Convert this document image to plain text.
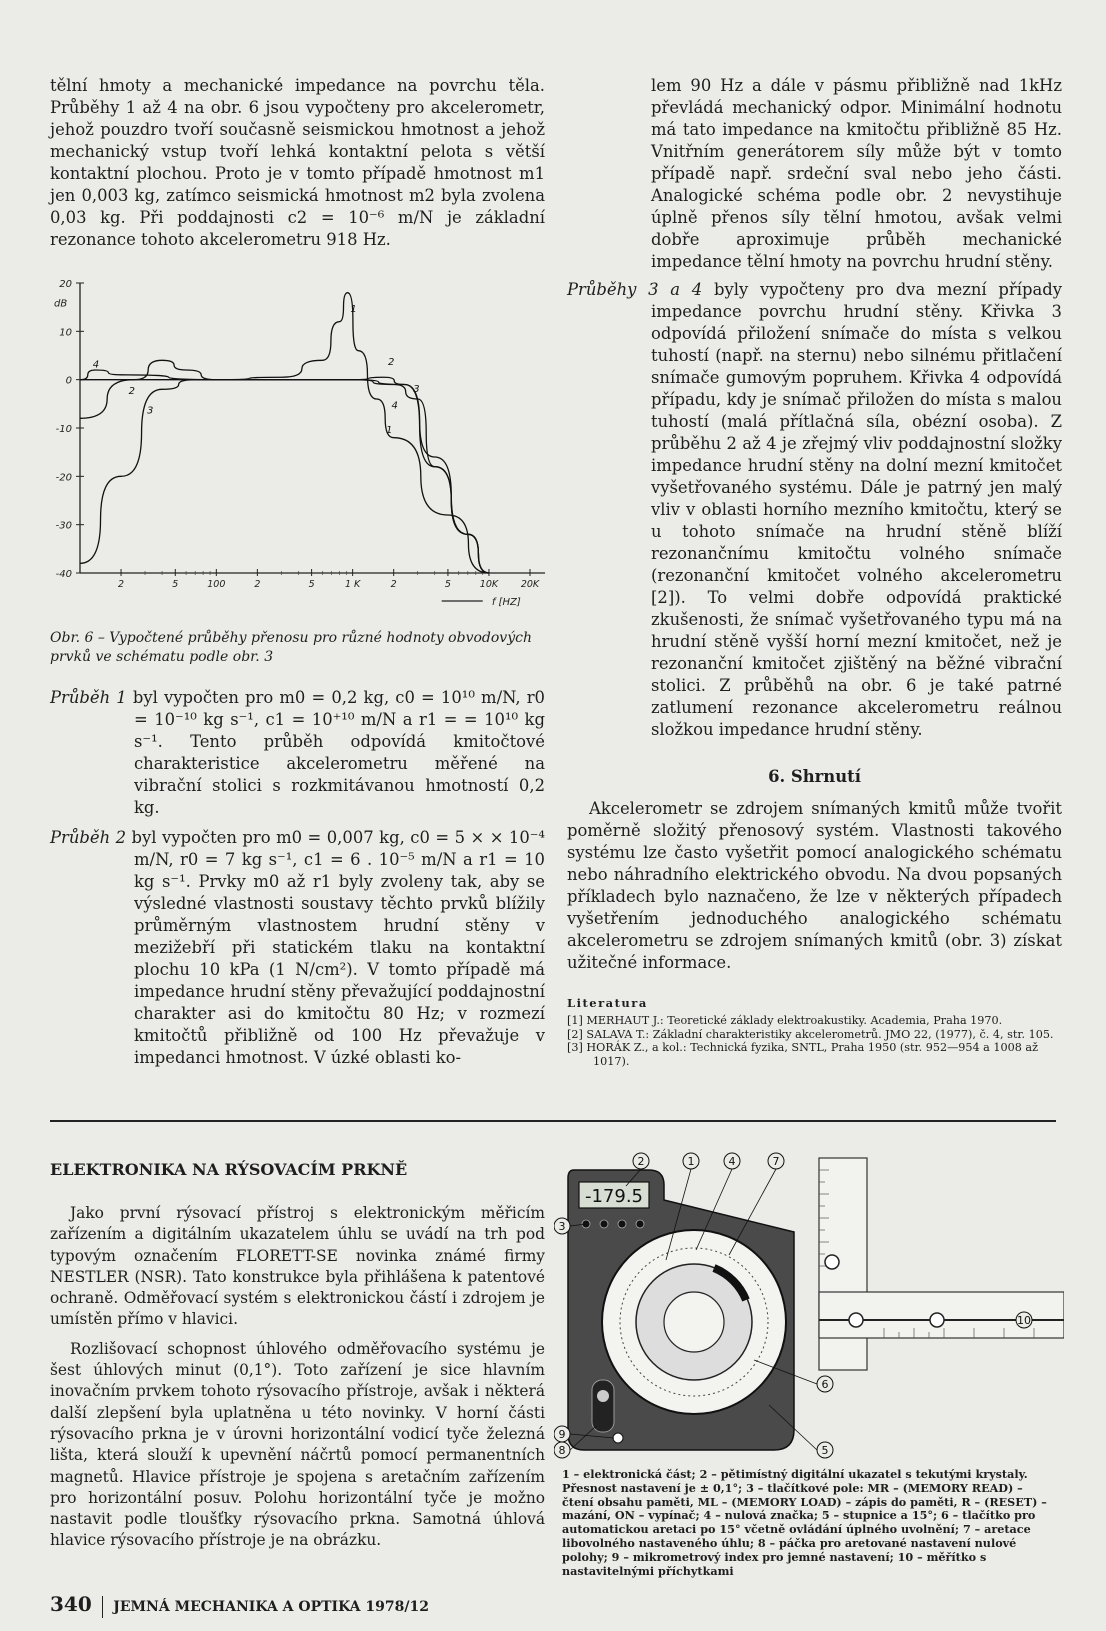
tělní hmoty a mechanické impedance na povrchu těla. Průběhy 1 až 4 na obr. 6 jsou vypočteny pro akcelerometr, jehož pouzdro tvoří současně seismickou hmotnost a jehož mechanický vstup tvoří lehká kontaktní pelota s větší kontaktní plochou. Proto je v tomto případě hmotnost m1 jen 0,003 kg, zatímco seismická hmotnost m2 byla zvolena 0,03 kg. Při poddajnosti c2 = 10⁻⁶ m/N je základní rezonance tohoto akcelerometru 918 Hz.

20
10
0
-10
-20
-30
-40
dB
2	5	100	2	5	1 K	2	5	10K 20K
f [HZ]
1
1
2
2	3
3	4
4

Obr. 6 – Vypočtené průběhy přenosu pro různé hodnoty obvodových prvků ve schématu podle obr. 3

Průběh 1 byl vypočten pro m0 = 0,2 kg, c0 = 10¹⁰ m/N, r0 = 10⁻¹⁰ kg s⁻¹, c1 = 10⁺¹⁰ m/N a r1 = = 10¹⁰ kg s⁻¹. Tento průběh odpovídá kmitočtové charakteristice akcelerometru měřené na vibrační stolici s rozkmitávanou hmotností 0,2 kg.

Průběh 2 byl vypočten pro m0 = 0,007 kg, c0 = 5 × × 10⁻⁴ m/N, r0 = 7 kg s⁻¹, c1 = 6 . 10⁻⁵ m/N a r1 = 10 kg s⁻¹. Prvky m0 až r1 byly zvoleny tak, aby se výsledné vlastnosti soustavy těchto prvků blížily průměrným vlastnostem hrudní stěny v mezižebří při statickém tlaku na kontaktní plochu 10 kPa (1 N/cm²). V tomto případě má impedance hrudní stěny převažující poddajnostní charakter asi do kmitočtu 80 Hz; v rozmezí kmitočtů přibližně od 100 Hz převažuje v impedanci hmotnost. V úzké oblasti ko-

lem 90 Hz a dále v pásmu přibližně nad 1kHz převládá mechanický odpor. Minimální hodnotu má tato impedance na kmitočtu přibližně 85 Hz. Vnitřním generátorem síly může být v tomto případě např. srdeční sval nebo jeho části. Analogické schéma podle obr. 2 nevystihuje úplně přenos síly tělní hmotou, avšak velmi dobře aproximuje průběh mechanické impedance tělní hmoty na povrchu hrudní stěny.

Průběhy 3 a 4 byly vypočteny pro dva mezní případy impedance povrchu hrudní stěny. Křivka 3 odpovídá přiložení snímače do místa s velkou tuhostí (např. na sternu) nebo silnému přitlačení snímače gumovým popruhem. Křivka 4 odpovídá případu, kdy je snímač přiložen do místa s malou tuhostí (malá přítlačná síla, obézní osoba). Z průběhu 2 až 4 je zřejmý vliv poddajnostní složky impedance hrudní stěny na dolní mezní kmitočet vyšetřovaného systému. Dále je patrný jen malý vliv v oblasti horního mezního kmitočtu, který se u tohoto snímače na hrudní stěně blíží rezonančnímu kmitočtu volného snímače (rezonanční kmitočet volného akcelerometru [2]). To velmi dobře odpovídá praktické zkušenosti, že snímač vyšetřovaného typu má na hrudní stěně vyšší horní mezní kmitočet, než je rezonanční kmitočet zjištěný na běžné vibrační stolici. Z průběhů na obr. 6 je také patrné zatlumení rezonance akcelerometru reálnou složkou impedance hrudní stěny.

6. Shrnutí

Akcelerometr se zdrojem snímaných kmitů může tvořit poměrně složitý přenosový systém. Vlastnosti takového systému lze často vyšetřit pomocí analogického schématu nebo náhradního elektrického obvodu. Na dvou popsaných příkladech bylo naznačeno, že lze v některých případech vyšetřením jednoduchého analogického schématu akcelerometru se zdrojem snímaných kmitů (obr. 3) získat užitečné informace.

Literatura
[1] MERHAUT J.: Teoretické základy elektroakustiky. Academia, Praha 1970.
[2] SALAVA T.: Základní charakteristiky akcelerometrů. JMO 22, (1977), č. 4, str. 105.
[3] HORÁK Z., a kol.: Technická fyzika, SNTL, Praha 1950 (str. 952—954 a 1008 až 1017).
ELEKTRONIKA NA RÝSOVACÍM PRKNĚ

Jako první rýsovací přístroj s elektronickým měřicím zařízením a digitálním ukazatelem úhlu se uvádí na trh pod typovým označením FLORETT-SE novinka známé firmy NESTLER (NSR). Tato konstrukce byla přihlášena k patentové ochraně. Odměřovací systém s elektronickou částí i zdrojem je umístěn přímo v hlavici.

Rozlišovací schopnost úhlového odměřovacího systému je šest úhlových minut (0,1°). Toto zařízení je sice hlavním inovačním prvkem tohoto rýsovacího přístroje, avšak i některá další zlepšení byla uplatněna u této novinky. V horní části rýsovacího prkna je v úrovni horizontální vodicí tyče železná lišta, která slouží k upevnění náčrtů pomocí permanentních magnetů. Hlavice přístroje je spojena s aretačním zařízením pro horizontální posuv. Polohu horizontální tyče je možno nastavit podle tloušťky rýsovacího prkna. Samotná úhlová hlavice rýsovacího přístroje je na obrázku.

-179.5
2	1	4	7
3
9
8
6
5
10
1 – elektronická část; 2 – pětimístný digitální ukazatel s tekutými krystaly. Přesnost nastavení je ± 0,1°; 3 – tlačítkové pole: MR – (MEMORY READ) – čtení obsahu paměti, ML – (MEMORY LOAD) – zápis do paměti, R – (RESET) – mazání, ON – vypínač; 4 – nulová značka; 5 – stupnice a 15°; 6 – tlačítko pro automatickou aretaci po 15° včetně ovládání úplného uvolnění; 7 – aretace libovolného nastaveného úhlu; 8 – páčka pro aretované nastavení nulové polohy; 9 – mikrometrový index pro jemné nastavení; 10 – měřítko s nastavitelnými příchytkami
340 JEMNÁ MECHANIKA A OPTIKA 1978/12
